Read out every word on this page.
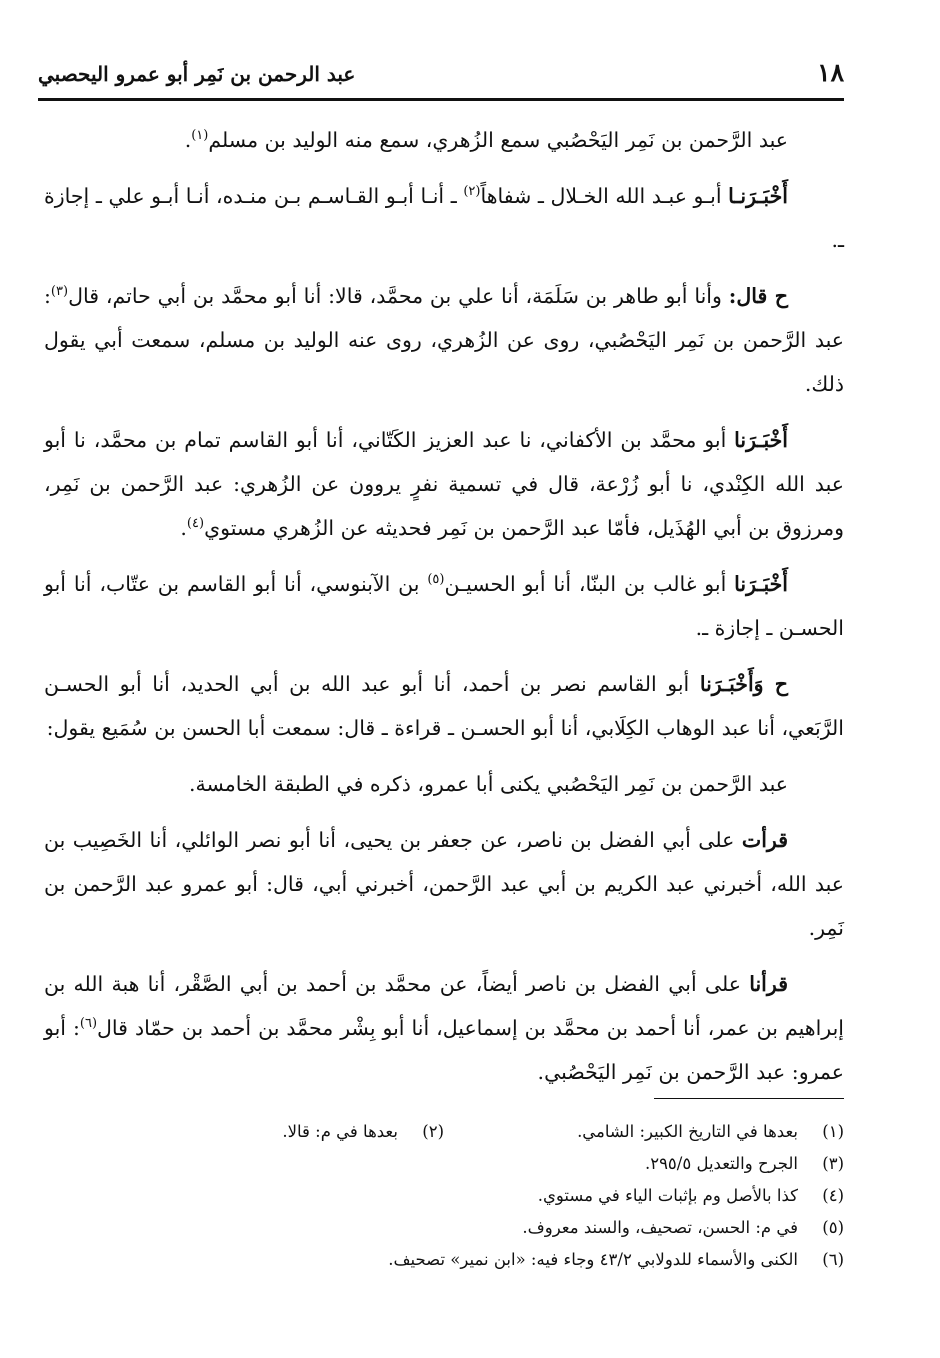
١٨
عبد الرحمن بن نَمِر أبو عمرو اليحصبي

عبد الرَّحمن بن نَمِر اليَحْصُبي سمع الزُهري، سمع منه الوليد بن مسلم$^{(١)}$.

أَخْبَـرَنـا أبـو عبـد الله الخـلال ـ شفاهاً$^{(٢)}$ ـ أنـا أبـو القـاسـم بـن منـده، أنـا أبـو علي ـ إجازة ـ.

ح قال: وأنا أبو طاهر بن سَلَمَة، أنا علي بن محمَّد، قالا: أنا أبو محمَّد بن أبي حاتم، قال$^{(٣)}$: عبد الرَّحمن بن نَمِر اليَحْصُبي، روى عن الزُهري، روى عنه الوليد بن مسلم، سمعت أبي يقول ذلك.

أَخْبَـرَنا أبو محمَّد بن الأكفاني، نا عبد العزيز الكَتّاني، أنا أبو القاسم تمام بن محمَّد، نا أبو عبد الله الكِنْدي، نا أبو زُرْعة، قال في تسمية نفرٍ يروون عن الزُهري: عبد الرَّحمن بن نَمِر، ومرزوق بن أبي الهُذَيل، فأمّا عبد الرَّحمن بن نَمِر فحديثه عن الزُهري مستوي$^{(٤)}$.

أَخْبَـرَنا أبو غالب بن البنّا، أنا أبو الحسيـن$^{(٥)}$ بن الآبنوسي، أنا أبو القاسم بن عتّاب، أنا أبو الحسـن ـ إجازة ـ.

ح وَأَخْبَـرَنا أبو القاسم نصر بن أحمد، أنا أبو عبد الله بن أبي الحديد، أنا أبو الحسـن الرَّبَعي، أنا عبد الوهاب الكِلَابي، أنا أبو الحسـن ـ قراءة ـ قال: سمعت أبا الحسن بن سُمَيع يقول:

عبد الرَّحمن بن نَمِر اليَحْصُبي يكنى أبا عمرو، ذكره في الطبقة الخامسة.

قرأت على أبي الفضل بن ناصر، عن جعفر بن يحيى، أنا أبو نصر الوائلي، أنا الخَصِيب بن عبد الله، أخبرني عبد الكريم بن أبي عبد الرَّحمن، أخبرني أبي، قال: أبو عمرو عبد الرَّحمن بن نَمِر.

قرأنا على أبي الفضل بن ناصر أيضاً، عن محمَّد بن أحمد بن أبي الصَّقْر، أنا هبة الله بن إبراهيم بن عمر، أنا أحمد بن محمَّد بن إسماعيل، أنا أبو بِشْر محمَّد بن أحمد بن حمّاد قال$^{(٦)}$: أبو عمرو: عبد الرَّحمن بن نَمِر اليَحْصُبي.

(١)بعدها في التاريخ الكبير: الشامي.
(٢)بعدها في م: قالا.
(٣)
الجرح والتعديل ٢٩٥/٥.
(٤)
كذا بالأصل وم بإثبات الياء في مستوي.
(٥)
في م: الحسن، تصحيف، والسند معروف.
(٦)
الكنى والأسماء للدولابي ٤٣/٢ وجاء فيه: «ابن نمير» تصحيف.
